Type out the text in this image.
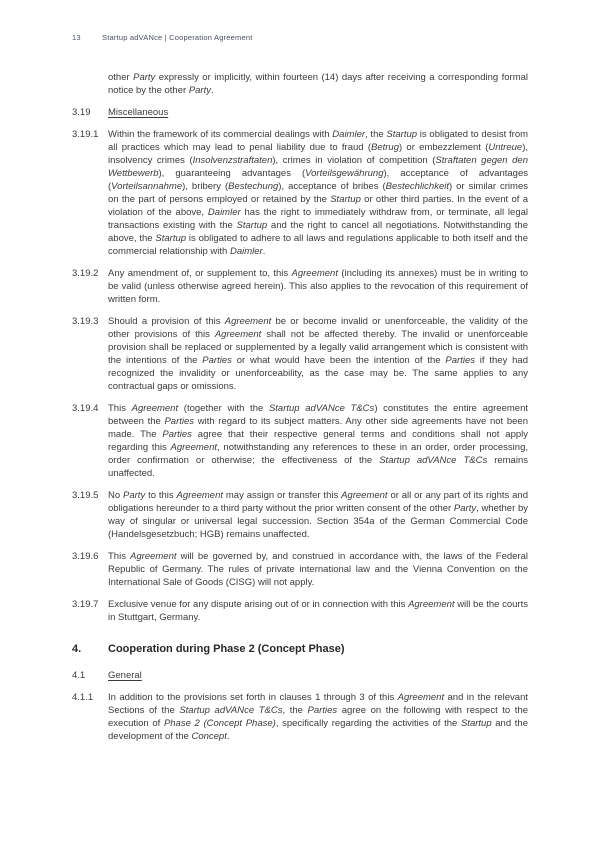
13	Startup adVANce | Cooperation Agreement

other Party expressly or implicitly, within fourteen (14) days after receiving a corresponding formal notice by the other Party.

3.19	Miscellaneous

3.19.1	Within the framework of its commercial dealings with Daimler, the Startup is obligated to desist from all practices which may lead to penal liability due to fraud (Betrug) or embezzlement (Untreue), insolvency crimes (Insolvenzstraftaten), crimes in violation of competition (Straftaten gegen den Wettbewerb), guaranteeing advantages (Vorteilsgewährung), acceptance of advantages (Vorteilsannahme), bribery (Bestechung), acceptance of bribes (Bestechlichkeit) or similar crimes on the part of persons employed or retained by the Startup or other third parties. In the event of a violation of the above, Daimler has the right to immediately withdraw from, or terminate, all legal transactions existing with the Startup and the right to cancel all negotiations. Notwithstanding the above, the Startup is obligated to adhere to all laws and regulations applicable to both itself and the commercial relationship with Daimler.

3.19.2	Any amendment of, or supplement to, this Agreement (including its annexes) must be in writing to be valid (unless otherwise agreed herein). This also applies to the revocation of this requirement of written form.

3.19.3	Should a provision of this Agreement be or become invalid or unenforceable, the validity of the other provisions of this Agreement shall not be affected thereby. The invalid or unenforceable provision shall be replaced or supplemented by a legally valid arrangement which is consistent with the intentions of the Parties or what would have been the intention of the Parties if they had recognized the invalidity or unenforceability, as the case may be. The same applies to any contractual gaps or omissions.

3.19.4	This Agreement (together with the Startup adVANce T&Cs) constitutes the entire agreement between the Parties with regard to its subject matters. Any other side agreements have not been made. The Parties agree that their respective general terms and conditions shall not apply regarding this Agreement, notwithstanding any references to these in an order, order processing, order confirmation or otherwise; the effectiveness of the Startup adVANce T&Cs remains unaffected.

3.19.5	No Party to this Agreement may assign or transfer this Agreement or all or any part of its rights and obligations hereunder to a third party without the prior written consent of the other Party, whether by way of singular or universal legal succession. Section 354a of the German Commercial Code (Handelsgesetzbuch; HGB) remains unaffected.

3.19.6	This Agreement will be governed by, and construed in accordance with, the laws of the Federal Republic of Germany. The rules of private international law and the Vienna Convention on the International Sale of Goods (CISG) will not apply.

3.19.7	Exclusive venue for any dispute arising out of or in connection with this Agreement will be the courts in Stuttgart, Germany.

4.	Cooperation during Phase 2 (Concept Phase)

4.1	General

4.1.1	In addition to the provisions set forth in clauses 1 through 3 of this Agreement and in the relevant Sections of the Startup adVANce T&Cs, the Parties agree on the following with respect to the execution of Phase 2 (Concept Phase), specifically regarding the activities of the Startup and the development of the Concept.
